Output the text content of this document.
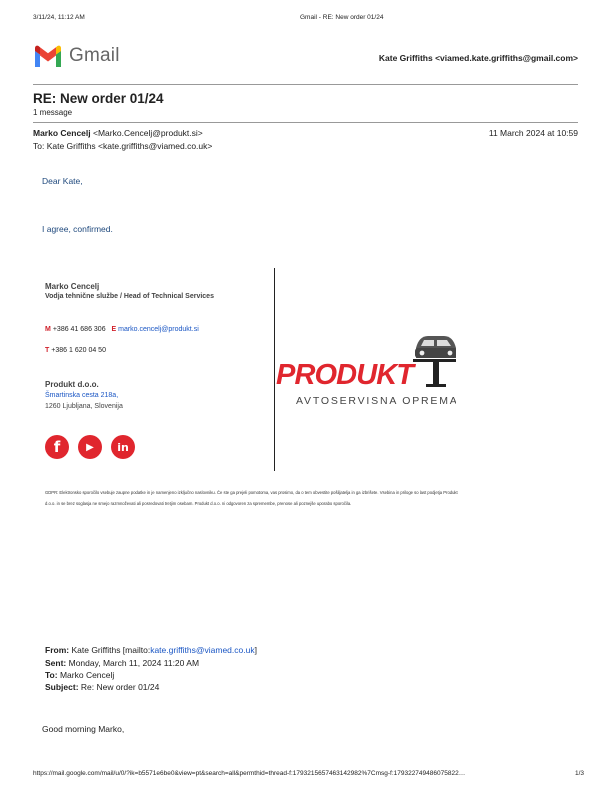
3/11/24, 11:12 AM	Gmail - RE: New order 01/24
Gmail	Kate Griffiths <viamed.kate.griffiths@gmail.com>
RE: New order 01/24
1 message
Marko Cencelj <Marko.Cencelj@produkt.si>	11 March 2024 at 10:59
To: Kate Griffiths <kate.griffiths@viamed.co.uk>
Dear Kate,
I agree, confirmed.
Marko Cencelj
Vodja tehnične službe / Head of Technical Services
M +386 41 686 306 E marko.cencelj@produkt.si
T +386 1 620 04 50
Produkt d.o.o.
Šmartinska cesta 218a,
1260 Ljubljana, Slovenija
f	▶	in
PRODUKT
AVTOSERVISNA OPREMA
GDPR: Elektronsko sporočilo vsebuje zaupne podatke in je namenjeno izključno naslovniku. Če ste ga prejeli pomotoma, vas prosimo, da o tem obvestite pošiljatelja in ga izbrišete. Vsebina in priloge so last podjetja Produkt d.o.o. in se brez soglasja ne smejo razmnoževati ali posredovati tretjim osebam. Produkt d.o.o. ni odgovoren za spremembe, prenose ali poznejše uporabo sporočila.
From: Kate Griffiths [mailto:kate.griffiths@viamed.co.uk]
Sent: Monday, March 11, 2024 11:20 AM
To: Marko Cencelj
Subject: Re: New order 01/24
Good morning Marko,
https://mail.google.com/mail/u/0/?ik=b5571e6be0&view=pt&search=all&permthid=thread-f:1793215657463142982%7Cmsg-f:179322749486075822…	1/3
